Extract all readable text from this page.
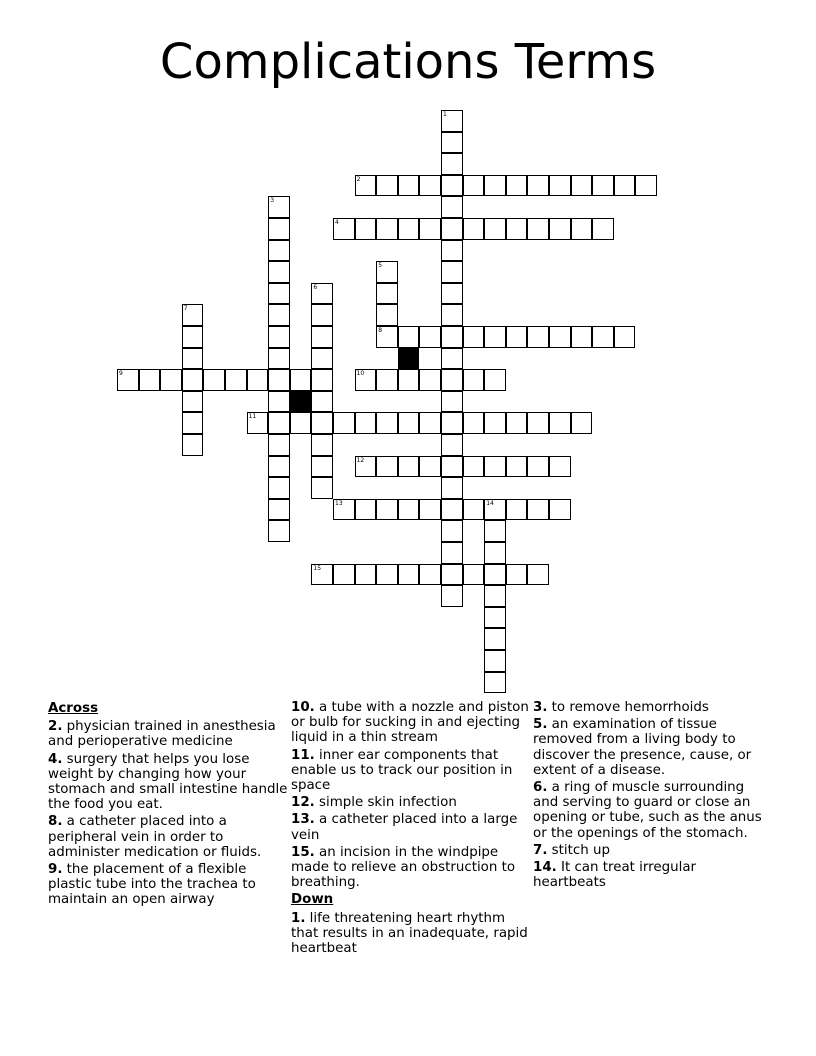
Complications Terms
1
2
3
4
5
8
6
7
9	10
11
12
13	14
15
Across
2. physician trained in anesthesia and perioperative medicine
4. surgery that helps you lose weight by changing how your stomach and small intestine handle the food you eat.
8. a catheter placed into a peripheral vein in order to administer medication or fluids.
9. the placement of a flexible plastic tube into the trachea to maintain an open airway
10. a tube with a nozzle and piston or bulb for sucking in and ejecting liquid in a thin stream
11. inner ear components that enable us to track our position in space
12. simple skin infection
13. a catheter placed into a large vein
15. an incision in the windpipe made to relieve an obstruction to breathing.
Down
1. life threatening heart rhythm that results in an inadequate, rapid heartbeat
3. to remove hemorrhoids
5. an examination of tissue removed from a living body to discover the presence, cause, or extent of a disease.
6. a ring of muscle surrounding and serving to guard or close an opening or tube, such as the anus or the openings of the stomach.
7. stitch up
14. It can treat irregular heartbeats
